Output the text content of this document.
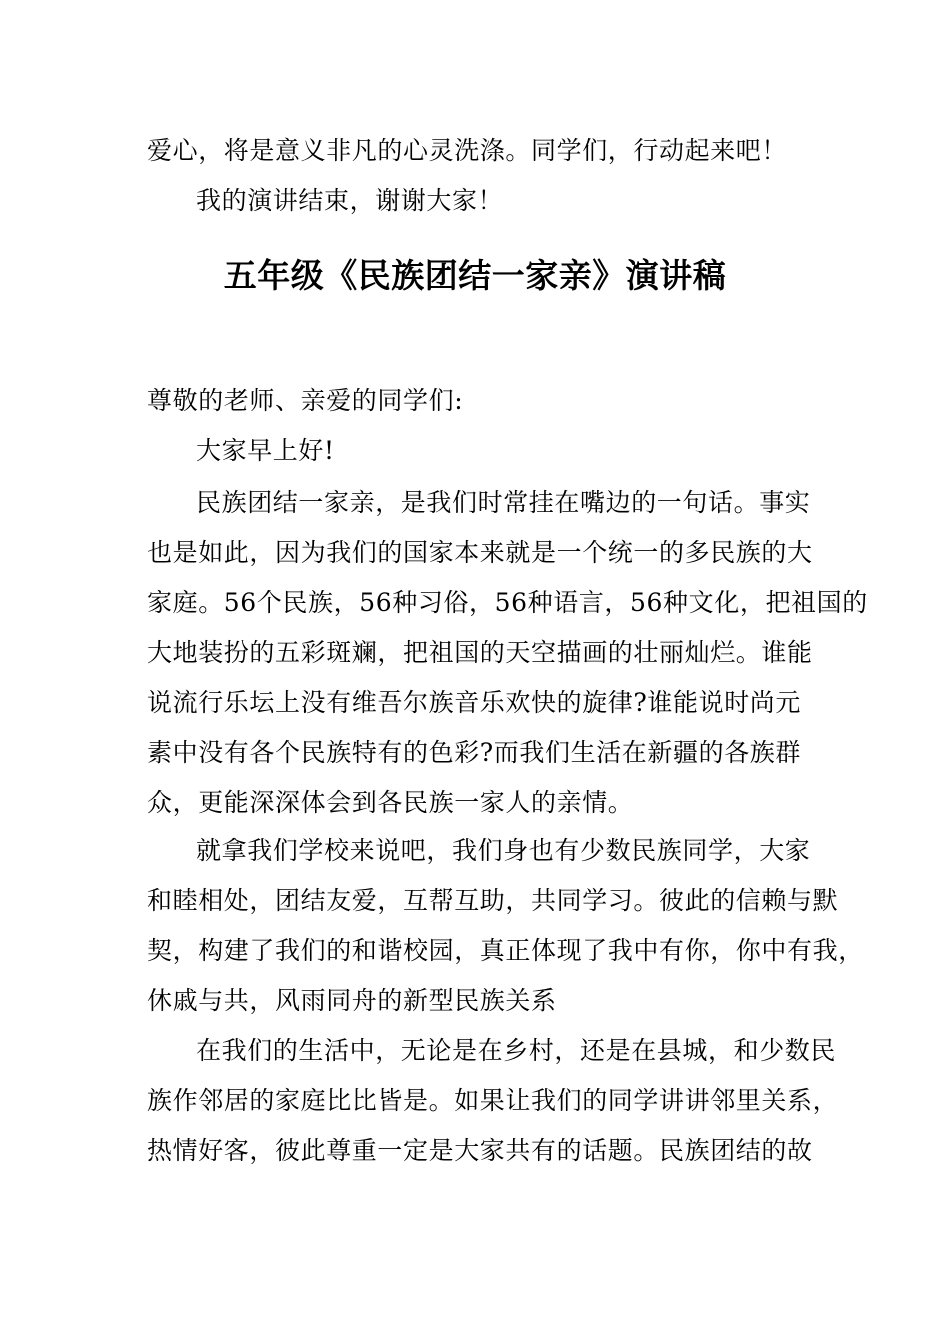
爱心，将是意义非凡的心灵洗涤。同学们，行动起来吧！
我的演讲结束，谢谢大家！
五年级《民族团结一家亲》演讲稿
尊敬的老师、亲爱的同学们:
大家早上好!
民族团结一家亲，是我们时常挂在嘴边的一句话。事实
也是如此，因为我们的国家本来就是一个统一的多民族的大
家庭。56个民族，56种习俗，56种语言，56种文化，把祖国的
大地装扮的五彩斑斓，把祖国的天空描画的壮丽灿烂。谁能
说流行乐坛上没有维吾尔族音乐欢快的旋律?谁能说时尚元
素中没有各个民族特有的色彩?而我们生活在新疆的各族群
众，更能深深体会到各民族一家人的亲情。
就拿我们学校来说吧，我们身也有少数民族同学，大家
和睦相处，团结友爱，互帮互助，共同学习。彼此的信赖与默
契，构建了我们的和谐校园，真正体现了我中有你，你中有我，
休戚与共，风雨同舟的新型民族关系
在我们的生活中，无论是在乡村，还是在县城，和少数民
族作邻居的家庭比比皆是。如果让我们的同学讲讲邻里关系，
热情好客，彼此尊重一定是大家共有的话题。民族团结的故
